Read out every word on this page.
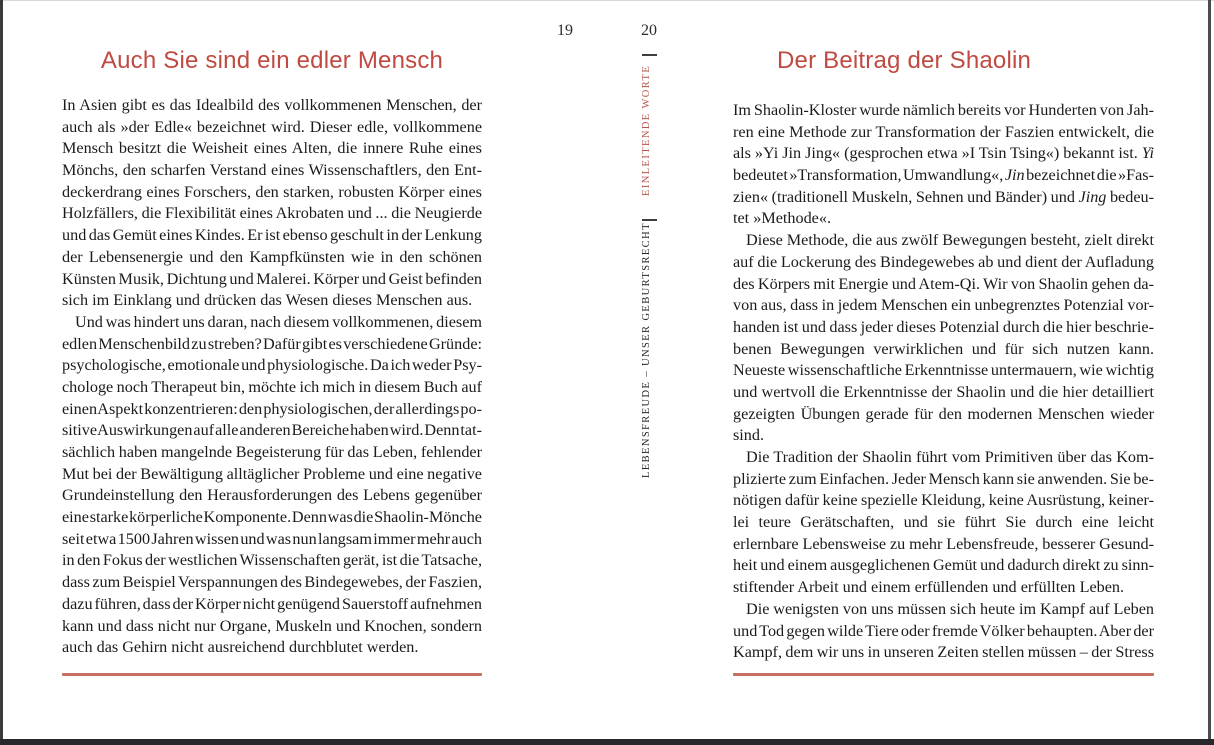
19	20
EINLEITENDE WORTE
LEBENSFREUDE – UNSER GEBURTSRECHT
Auch Sie sind ein edler Mensch
In Asien gibt es das Idealbild des vollkommenen Menschen, der
auch als »der Edle« bezeichnet wird. Dieser edle, vollkommene
Mensch besitzt die Weisheit eines Alten, die innere Ruhe eines
Mönchs, den scharfen Verstand eines Wissenschaftlers, den Ent-
deckerdrang eines Forschers, den starken, robusten Körper eines
Holzfällers, die Flexibilität eines Akrobaten und ... die Neugierde
und das Gemüt eines Kindes. Er ist ebenso geschult in der Lenkung
der Lebensenergie und den Kampfkünsten wie in den schönen
Künsten Musik, Dichtung und Malerei. Körper und Geist befinden
sich im Einklang und drücken das Wesen dieses Menschen aus.
Und was hindert uns daran, nach diesem vollkommenen, diesem
edlen Menschenbild zu streben? Dafür gibt es verschiedene Gründe:
psychologische, emotionale und physiologische. Da ich weder Psy-
chologe noch Therapeut bin, möchte ich mich in diesem Buch auf
einen Aspekt konzentrieren: den physiologischen, der allerdings po-
sitive Auswirkungen auf alle anderen Bereiche haben wird. Denn tat-
sächlich haben mangelnde Begeisterung für das Leben, fehlender
Mut bei der Bewältigung alltäglicher Probleme und eine negative
Grundeinstellung den Herausforderungen des Lebens gegenüber
eine starke körperliche Komponente. Denn was die Shaolin-Mönche
seit etwa 1500 Jahren wissen und was nun langsam immer mehr auch
in den Fokus der westlichen Wissenschaften gerät, ist die Tatsache,
dass zum Beispiel Verspannungen des Bindegewebes, der Faszien,
dazu führen, dass der Körper nicht genügend Sauerstoff aufnehmen
kann und dass nicht nur Organe, Muskeln und Knochen, sondern
auch das Gehirn nicht ausreichend durchblutet werden.
Der Beitrag der Shaolin
Im Shaolin-Kloster wurde nämlich bereits vor Hunderten von Jah-
ren eine Methode zur Transformation der Faszien entwickelt, die
als »Yi Jin Jing« (gesprochen etwa »I Tsin Tsing«) bekannt ist. Yi
bedeutet »Transformation, Umwandlung«, Jin bezeichnet die »Fas-
zien« (traditionell Muskeln, Sehnen und Bänder) und Jing bedeu-
tet »Methode«.
Diese Methode, die aus zwölf Bewegungen besteht, zielt direkt
auf die Lockerung des Bindegewebes ab und dient der Aufladung
des Körpers mit Energie und Atem-Qi. Wir von Shaolin gehen da-
von aus, dass in jedem Menschen ein unbegrenztes Potenzial vor-
handen ist und dass jeder dieses Potenzial durch die hier beschrie-
benen Bewegungen verwirklichen und für sich nutzen kann.
Neueste wissenschaftliche Erkenntnisse untermauern, wie wichtig
und wertvoll die Erkenntnisse der Shaolin und die hier detailliert
gezeigten Übungen gerade für den modernen Menschen wieder
sind.
Die Tradition der Shaolin führt vom Primitiven über das Kom-
plizierte zum Einfachen. Jeder Mensch kann sie anwenden. Sie be-
nötigen dafür keine spezielle Kleidung, keine Ausrüstung, keiner-
lei teure Gerätschaften, und sie führt Sie durch eine leicht
erlernbare Lebensweise zu mehr Lebensfreude, besserer Gesund-
heit und einem ausgeglichenen Gemüt und dadurch direkt zu sinn-
stiftender Arbeit und einem erfüllenden und erfüllten Leben.
Die wenigsten von uns müssen sich heute im Kampf auf Leben
und Tod gegen wilde Tiere oder fremde Völker behaupten. Aber der
Kampf, dem wir uns in unseren Zeiten stellen müssen – der Stress
